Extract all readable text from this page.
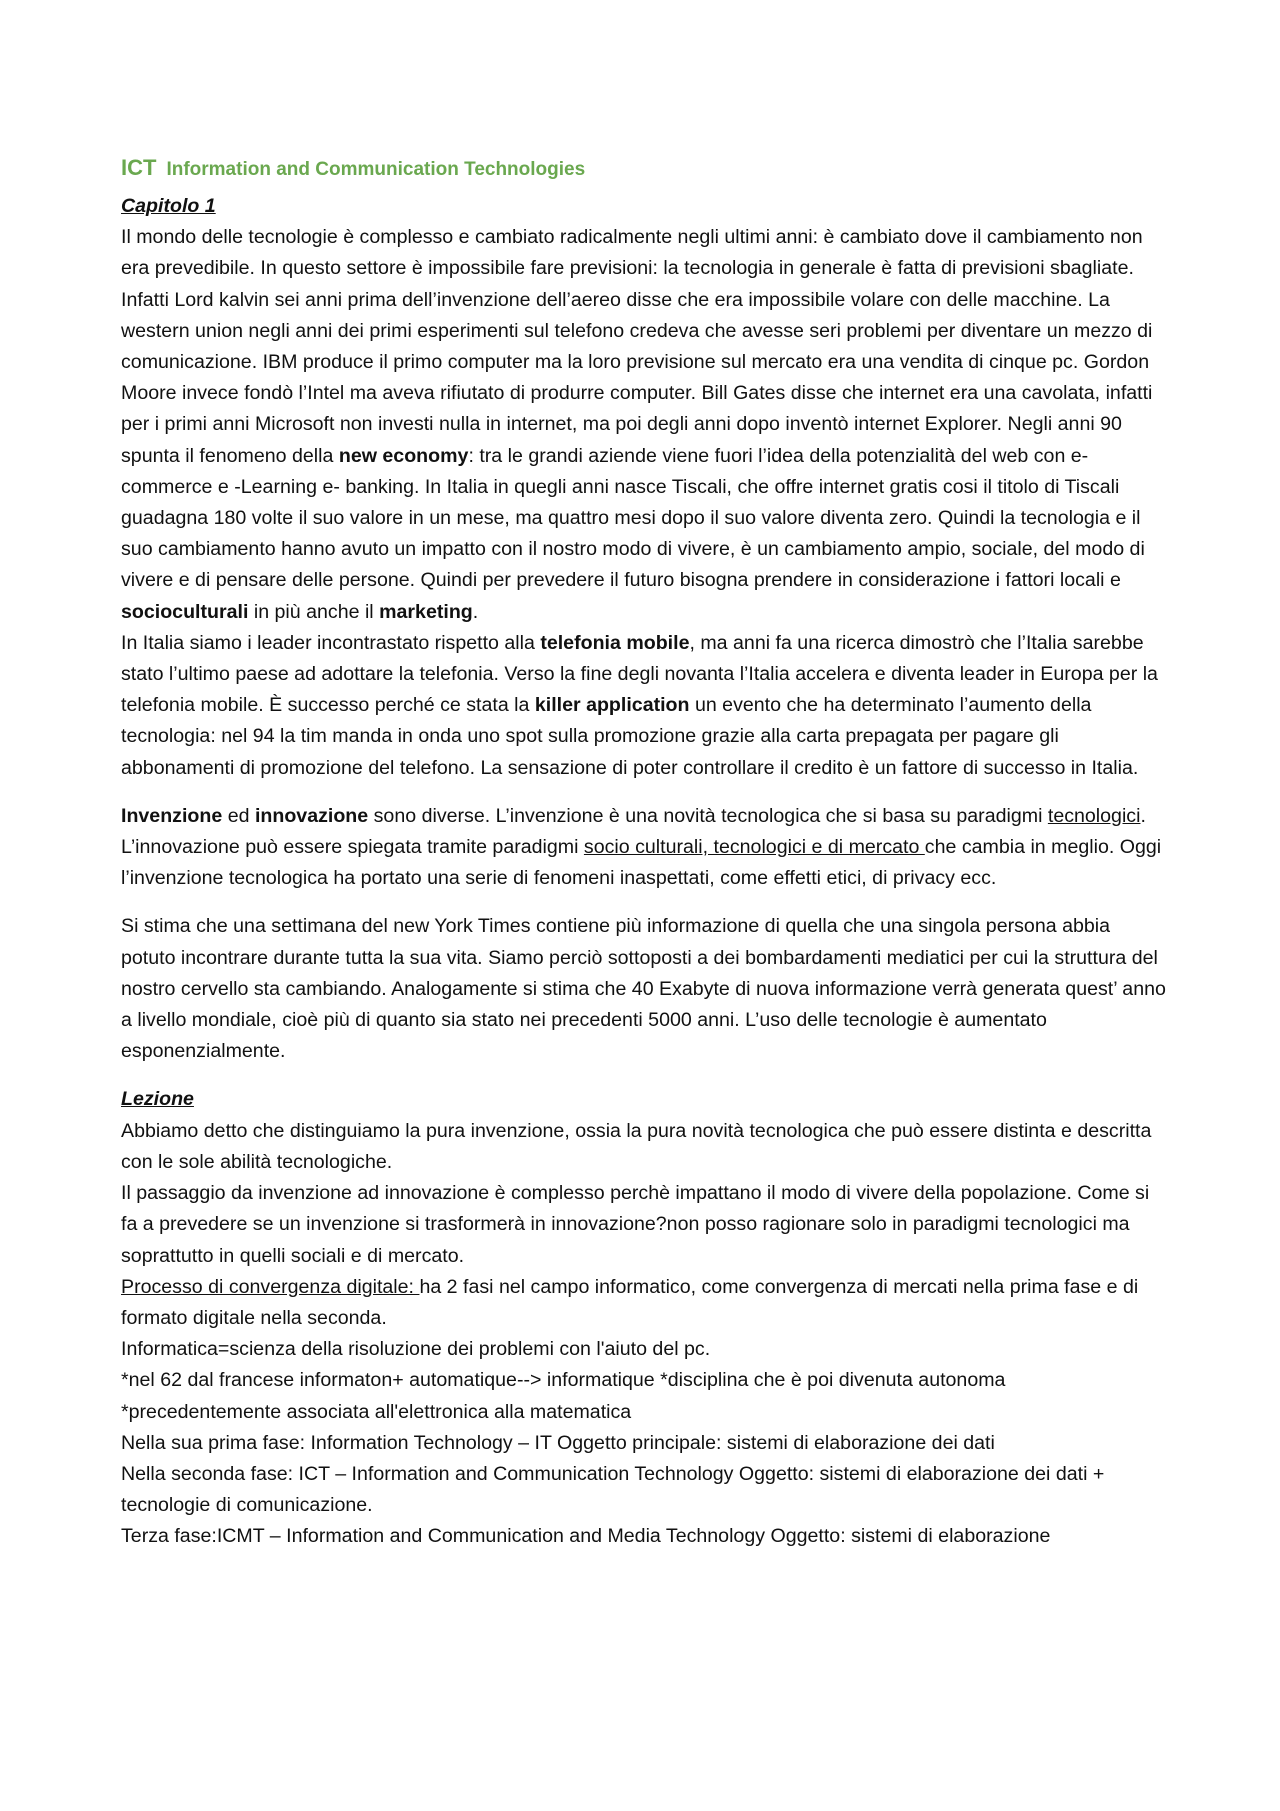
ICT Information and Communication Technologies
Capitolo 1

Il mondo delle tecnologie è complesso e cambiato radicalmente negli ultimi anni: è cambiato dove il cambiamento non era prevedibile. In questo settore è impossibile fare previsioni: la tecnologia in generale è fatta di previsioni sbagliate. Infatti Lord kalvin sei anni prima dell’invenzione dell’aereo disse che era impossibile volare con delle macchine. La western union negli anni dei primi esperimenti sul telefono credeva che avesse seri problemi per diventare un mezzo di comunicazione. IBM produce il primo computer ma la loro previsione sul mercato era una vendita di cinque pc. Gordon Moore invece fondò l’Intel ma aveva rifiutato di produrre computer. Bill Gates disse che internet era una cavolata, infatti per i primi anni Microsoft non investi nulla in internet, ma poi degli anni dopo inventò internet Explorer. Negli anni 90 spunta il fenomeno della new economy: tra le grandi aziende viene fuori l’idea della potenzialità del web con e- commerce e -Learning e- banking. In Italia in quegli anni nasce Tiscali, che offre internet gratis cosi il titolo di Tiscali guadagna 180 volte il suo valore in un mese, ma quattro mesi dopo il suo valore diventa zero. Quindi la tecnologia e il suo cambiamento hanno avuto un impatto con il nostro modo di vivere, è un cambiamento ampio, sociale, del modo di vivere e di pensare delle persone. Quindi per prevedere il futuro bisogna prendere in considerazione i fattori locali e socioculturali in più anche il marketing.

In Italia siamo i leader incontrastato rispetto alla telefonia mobile, ma anni fa una ricerca dimostrò che l’Italia sarebbe stato l’ultimo paese ad adottare la telefonia. Verso la fine degli novanta l’Italia accelera e diventa leader in Europa per la telefonia mobile. È successo perché ce stata la killer application un evento che ha determinato l’aumento della tecnologia: nel 94 la tim manda in onda uno spot sulla promozione grazie alla carta prepagata per pagare gli abbonamenti di promozione del telefono. La sensazione di poter controllare il credito è un fattore di successo in Italia.

Invenzione ed innovazione sono diverse. L’invenzione è una novità tecnologica che si basa su paradigmi tecnologici. L’innovazione può essere spiegata tramite paradigmi socio culturali, tecnologici e di mercato che cambia in meglio. Oggi l’invenzione tecnologica ha portato una serie di fenomeni inaspettati, come effetti etici, di privacy ecc.

Si stima che una settimana del new York Times contiene più informazione di quella che una singola persona abbia potuto incontrare durante tutta la sua vita. Siamo perciò sottoposti a dei bombardamenti mediatici per cui la struttura del nostro cervello sta cambiando. Analogamente si stima che 40 Exabyte di nuova informazione verrà generata quest’ anno a livello mondiale, cioè più di quanto sia stato nei precedenti 5000 anni. L’uso delle tecnologie è aumentato esponenzialmente.

Lezione

Abbiamo detto che distinguiamo la pura invenzione, ossia la pura novità tecnologica che può essere distinta e descritta con le sole abilità tecnologiche.

Il passaggio da invenzione ad innovazione è complesso perchè impattano il modo di vivere della popolazione. Come si fa a prevedere se un invenzione si trasformerà in innovazione?non posso ragionare solo in paradigmi tecnologici ma soprattutto in quelli sociali e di mercato.

Processo di convergenza digitale: ha 2 fasi nel campo informatico, come convergenza di mercati nella prima fase e di formato digitale nella seconda.

Informatica=scienza della risoluzione dei problemi con l'aiuto del pc.

*nel 62 dal francese informaton+ automatique--> informatique *disciplina che è poi divenuta autonoma

*precedentemente associata all'elettronica alla matematica

Nella sua prima fase: Information Technology – IT Oggetto principale: sistemi di elaborazione dei dati

Nella seconda fase: ICT – Information and Communication Technology Oggetto: sistemi di elaborazione dei dati + tecnologie di comunicazione.

Terza fase:ICMT – Information and Communication and Media Technology Oggetto: sistemi di elaborazione
